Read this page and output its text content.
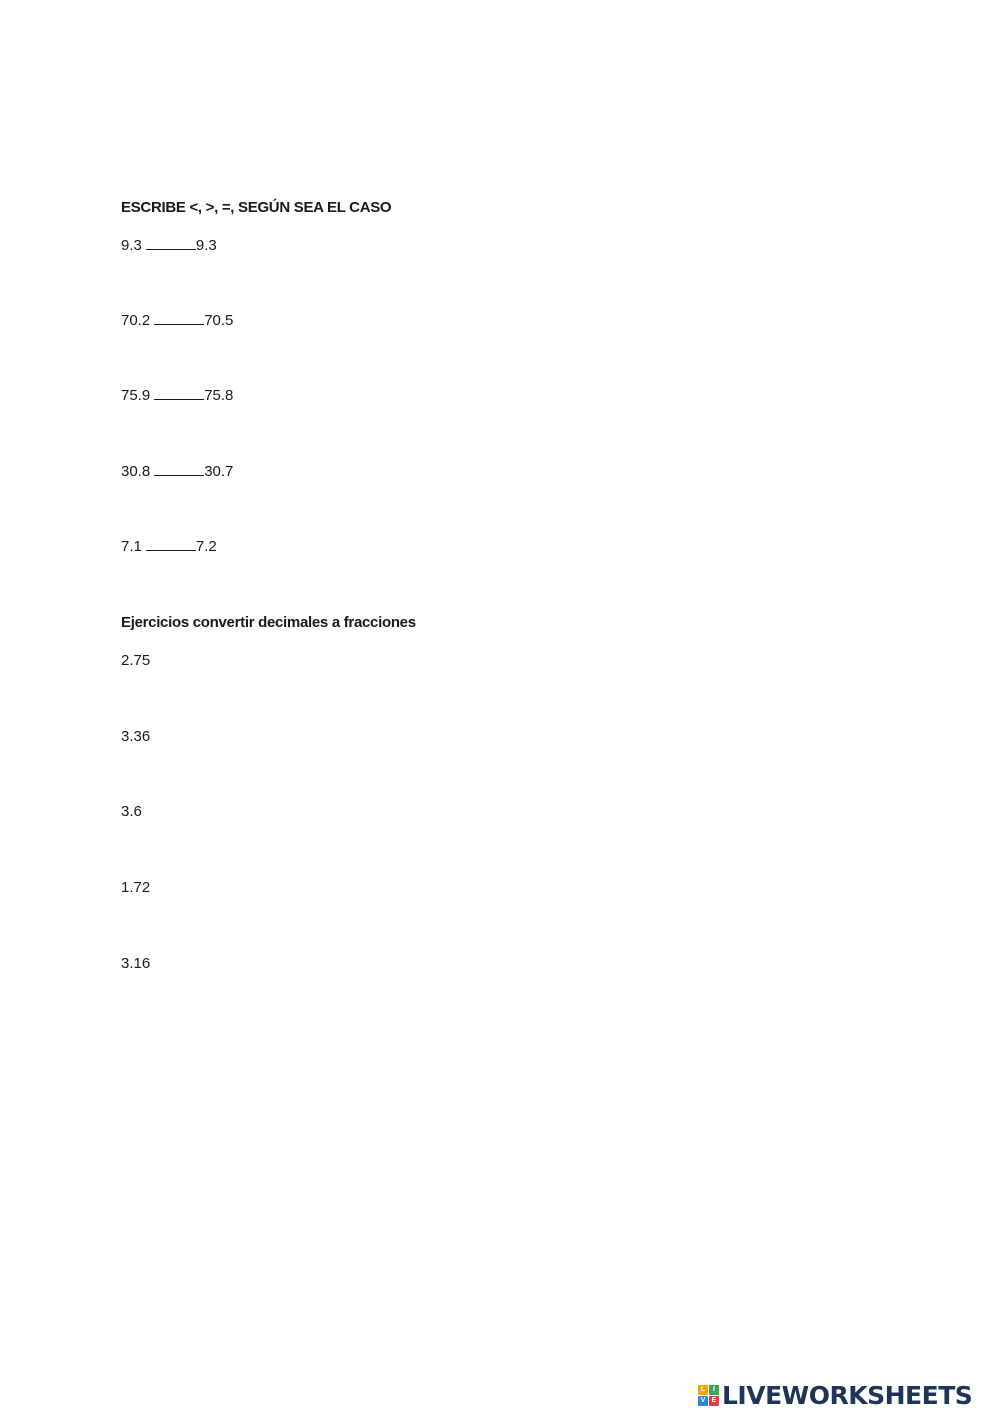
ESCRIBE <, >, =, SEGÚN SEA EL CASO
9.3	9.3
70.2	70.5
75.9	75.8
30.8	30.7
7.1	7.2
Ejercicios convertir decimales a fracciones
2.75
3.36
3.6
1.72
3.16
L	I
V E LIVEWORKSHEETS
